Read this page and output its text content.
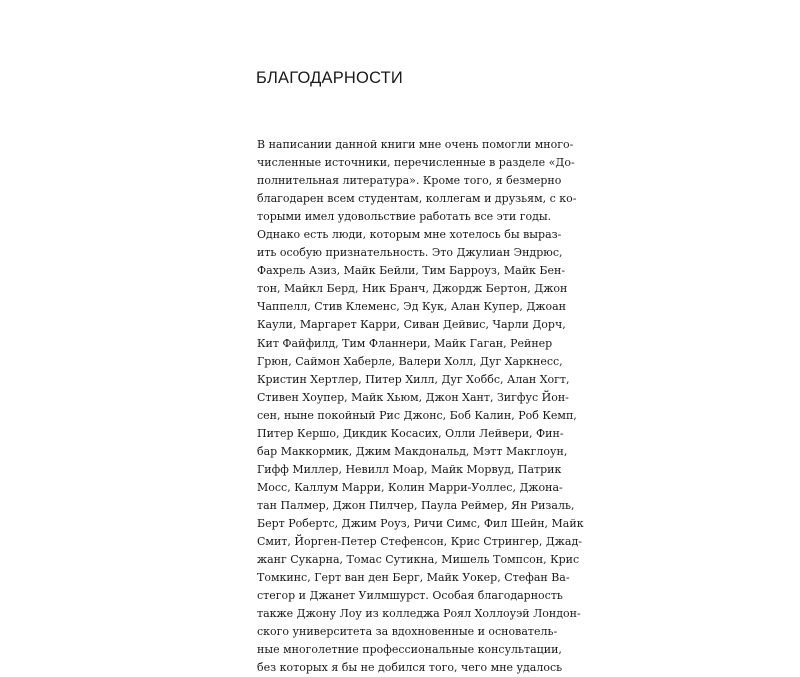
БЛАГОДАРНОСТИ
В написании данной книги мне очень помогли много-
численные источники, перечисленные в разделе «До-
полнительная литература». Кроме того, я безмерно
благодарен всем студентам, коллегам и друзьям, с ко-
торыми имел удовольствие работать все эти годы.
Однако есть люди, которым мне хотелось бы выраз-
ить особую признательность. Это Джулиан Эндрюс,
Фахрель Азиз, Майк Бейли, Тим Барроуз, Майк Бен-
тон, Майкл Берд, Ник Бранч, Джордж Бертон, Джон
Чаппелл, Стив Клеменс, Эд Кук, Алан Купер, Джоан
Каули, Маргарет Карри, Сиван Дейвис, Чарли Дорч,
Кит Файфилд, Тим Фланнери, Майк Гаган, Рейнер
Грюн, Саймон Хаберле, Валери Холл, Дуг Харкнесс,
Кристин Хертлер, Питер Хилл, Дуг Хоббс, Алан Хогт,
Стивен Хоупер, Майк Хьюм, Джон Хант, Зигфус Йон-
сен, ныне покойный Рис Джонс, Боб Калин, Роб Кемп,
Питер Кершо, Дикдик Косасих, Олли Лейвери, Фин-
бар Маккормик, Джим Макдональд, Мэтт Макглоун,
Гифф Миллер, Невилл Моар, Майк Морвуд, Патрик
Мосс, Каллум Марри, Колин Марри-Уоллес, Джона-
тан Палмер, Джон Пилчер, Паула Реймер, Ян Ризаль,
Берт Робертс, Джим Роуз, Ричи Симс, Фил Шейн, Майк
Смит, Йорген-Петер Стефенсон, Крис Стрингер, Джад-
жанг Сукарна, Томас Сутикна, Мишель Томпсон, Крис
Томкинс, Герт ван ден Берг, Майк Уокер, Стефан Ва-
стегор и Джанет Уилмшурст. Особая благодарность
также Джону Лоу из колледжа Роял Холлоуэй Лондон-
ского университета за вдохновенные и основатель-
ные многолетние профессиональные консультации,
без которых я бы не добился того, чего мне удалось
